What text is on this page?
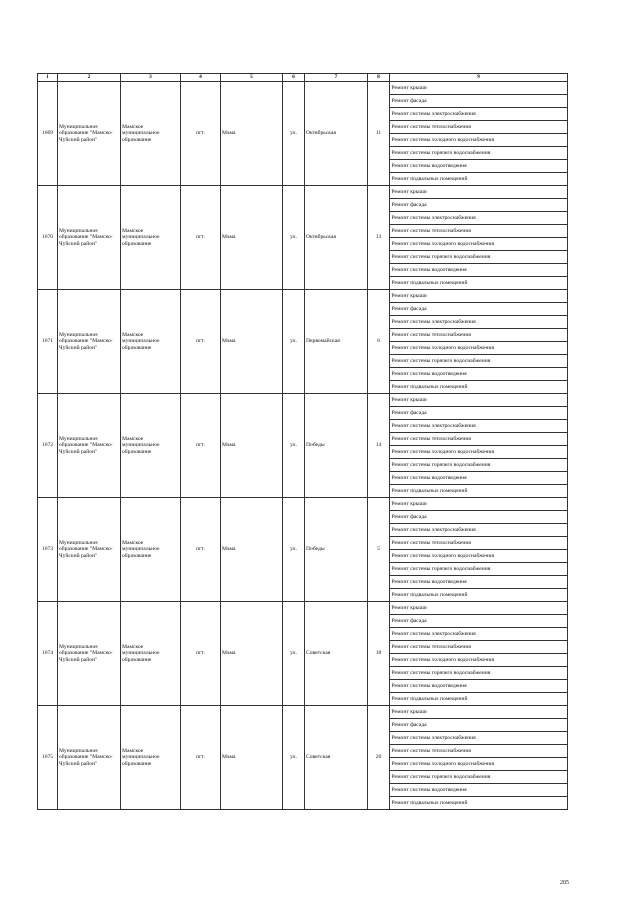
1	2	3	4	5	6	7	8	9
1669	Муниципальное образование "Мамско-Чуйский район"	Мамское муниципальное образование	пгт.	Мама	ул.	Октябрьская	11	Ремонт крыши
								Ремонт фасада
								Ремонт системы электроснабжения
								Ремонт системы теплоснабжения
								Ремонт системы холодного водоснабжения
								Ремонт системы горячего водоснабжения
								Ремонт системы водоотведения
								Ремонт подвальных помещений
1670	Муниципальное образование "Мамско-Чуйский район"	Мамское муниципальное образование	пгт.	Мама	ул.	Октябрьская	13	Ремонт крыши
								Ремонт фасада
								Ремонт системы электроснабжения
								Ремонт системы теплоснабжения
								Ремонт системы холодного водоснабжения
								Ремонт системы горячего водоснабжения
								Ремонт системы водоотведения
								Ремонт подвальных помещений
1671	Муниципальное образование "Мамско-Чуйский район"	Мамское муниципальное образование	пгт.	Мама	ул.	Первомайская	6	Ремонт крыши
								Ремонт фасада
								Ремонт системы электроснабжения
								Ремонт системы теплоснабжения
								Ремонт системы холодного водоснабжения
								Ремонт системы горячего водоснабжения
								Ремонт системы водоотведения
								Ремонт подвальных помещений
1672	Муниципальное образование "Мамско-Чуйский район"	Мамское муниципальное образование	пгт.	Мама	ул.	Победы	14	Ремонт крыши
								Ремонт фасада
								Ремонт системы электроснабжения
								Ремонт системы теплоснабжения
								Ремонт системы холодного водоснабжения
								Ремонт системы горячего водоснабжения
								Ремонт системы водоотведения
								Ремонт подвальных помещений
1673	Муниципальное образование "Мамско-Чуйский район"	Мамское муниципальное образование	пгт.	Мама	ул.	Победы	5	Ремонт крыши
								Ремонт фасада
								Ремонт системы электроснабжения
								Ремонт системы теплоснабжения
								Ремонт системы холодного водоснабжения
								Ремонт системы горячего водоснабжения
								Ремонт системы водоотведения
								Ремонт подвальных помещений
1674	Муниципальное образование "Мамско-Чуйский район"	Мамское муниципальное образование	пгт.	Мама	ул.	Советская	18	Ремонт крыши
								Ремонт фасада
								Ремонт системы электроснабжения
								Ремонт системы теплоснабжения
								Ремонт системы холодного водоснабжения
								Ремонт системы горячего водоснабжения
								Ремонт системы водоотведения
								Ремонт подвальных помещений
1675	Муниципальное образование "Мамско-Чуйский район"	Мамское муниципальное образование	пгт.	Мама	ул.	Советская	20	Ремонт крыши
								Ремонт фасада
								Ремонт системы электроснабжения
								Ремонт системы теплоснабжения
								Ремонт системы холодного водоснабжения
								Ремонт системы горячего водоснабжения
								Ремонт системы водоотведения
								Ремонт подвальных помещений
205
